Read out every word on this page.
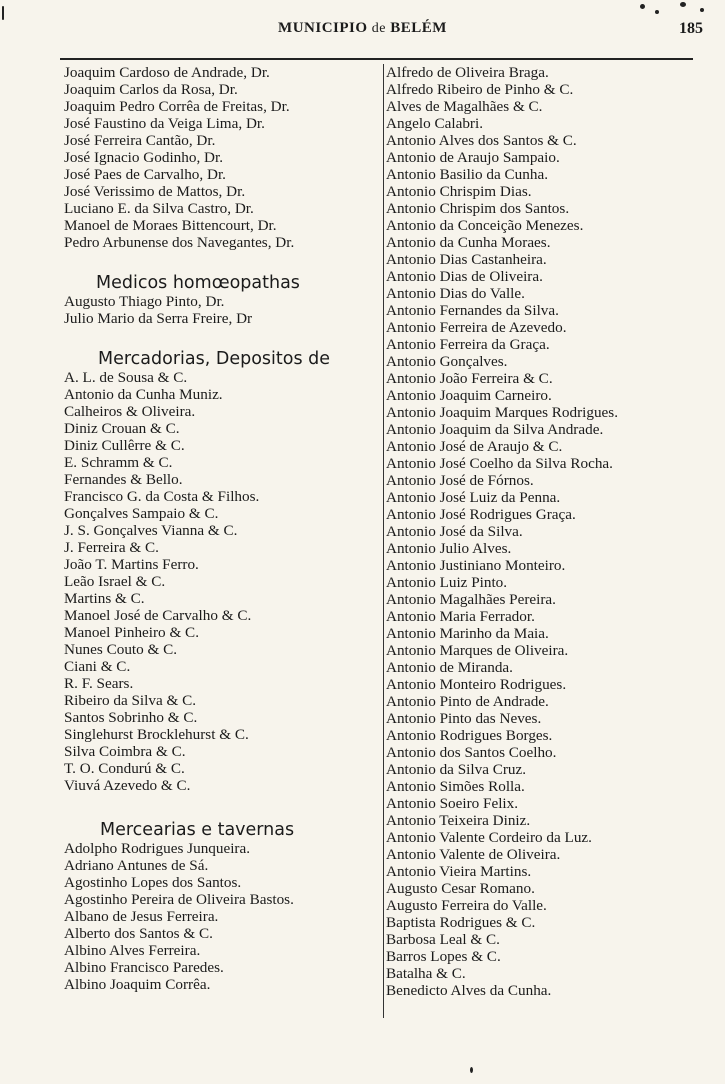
MUNICIPIO de BELÉM	185
Joaquim Cardoso de Andrade, Dr.
Joaquim Carlos da Rosa, Dr.
Joaquim Pedro Corrêa de Freitas, Dr.
José Faustino da Veiga Lima, Dr.
José Ferreira Cantão, Dr.
José Ignacio Godinho, Dr.
José Paes de Carvalho, Dr.
José Verissimo de Mattos, Dr.
Luciano E. da Silva Castro, Dr.
Manoel de Moraes Bittencourt, Dr.
Pedro Arbunense dos Navegantes, Dr.
Medicos homœopathas
Augusto Thiago Pinto, Dr.
Julio Mario da Serra Freire, Dr
Mercadorias, Depositos de
A. L. de Sousa & C.
Antonio da Cunha Muniz.
Calheiros & Oliveira.
Diniz Crouan & C.
Diniz Cullêrre & C.
E. Schramm & C.
Fernandes & Bello.
Francisco G. da Costa & Filhos.
Gonçalves Sampaio & C.
J. S. Gonçalves Vianna & C.
J. Ferreira & C.
João T. Martins Ferro.
Leão Israel & C.
Martins & C.
Manoel José de Carvalho & C.
Manoel Pinheiro & C.
Nunes Couto & C.
Ciani & C.
R. F. Sears.
Ribeiro da Silva & C.
Santos Sobrinho & C.
Singlehurst Brocklehurst & C.
Silva Coimbra & C.
T. O. Condurú & C.
Viuvá Azevedo & C.
Mercearias e tavernas
Adolpho Rodrigues Junqueira.
Adriano Antunes de Sá.
Agostinho Lopes dos Santos.
Agostinho Pereira de Oliveira Bastos.
Albano de Jesus Ferreira.
Alberto dos Santos & C.
Albino Alves Ferreira.
Albino Francisco Paredes.
Albino Joaquim Corrêa.
Alfredo de Oliveira Braga.
Alfredo Ribeiro de Pinho & C.
Alves de Magalhães & C.
Angelo Calabri.
Antonio Alves dos Santos & C.
Antonio de Araujo Sampaio.
Antonio Basilio da Cunha.
Antonio Chrispim Dias.
Antonio Chrispim dos Santos.
Antonio da Conceição Menezes.
Antonio da Cunha Moraes.
Antonio Dias Castanheira.
Antonio Dias de Oliveira.
Antonio Dias do Valle.
Antonio Fernandes da Silva.
Antonio Ferreira de Azevedo.
Antonio Ferreira da Graça.
Antonio Gonçalves.
Antonio João Ferreira & C.
Antonio Joaquim Carneiro.
Antonio Joaquim Marques Rodrigues.
Antonio Joaquim da Silva Andrade.
Antonio José de Araujo & C.
Antonio José Coelho da Silva Rocha.
Antonio José de Fórnos.
Antonio José Luiz da Penna.
Antonio José Rodrigues Graça.
Antonio José da Silva.
Antonio Julio Alves.
Antonio Justiniano Monteiro.
Antonio Luiz Pinto.
Antonio Magalhães Pereira.
Antonio Maria Ferrador.
Antonio Marinho da Maia.
Antonio Marques de Oliveira.
Antonio de Miranda.
Antonio Monteiro Rodrigues.
Antonio Pinto de Andrade.
Antonio Pinto das Neves.
Antonio Rodrigues Borges.
Antonio dos Santos Coelho.
Antonio da Silva Cruz.
Antonio Simões Rolla.
Antonio Soeiro Felix.
Antonio Teixeira Diniz.
Antonio Valente Cordeiro da Luz.
Antonio Valente de Oliveira.
Antonio Vieira Martins.
Augusto Cesar Romano.
Augusto Ferreira do Valle.
Baptista Rodrigues & C.
Barbosa Leal & C.
Barros Lopes & C.
Batalha & C.
Benedicto Alves da Cunha.
